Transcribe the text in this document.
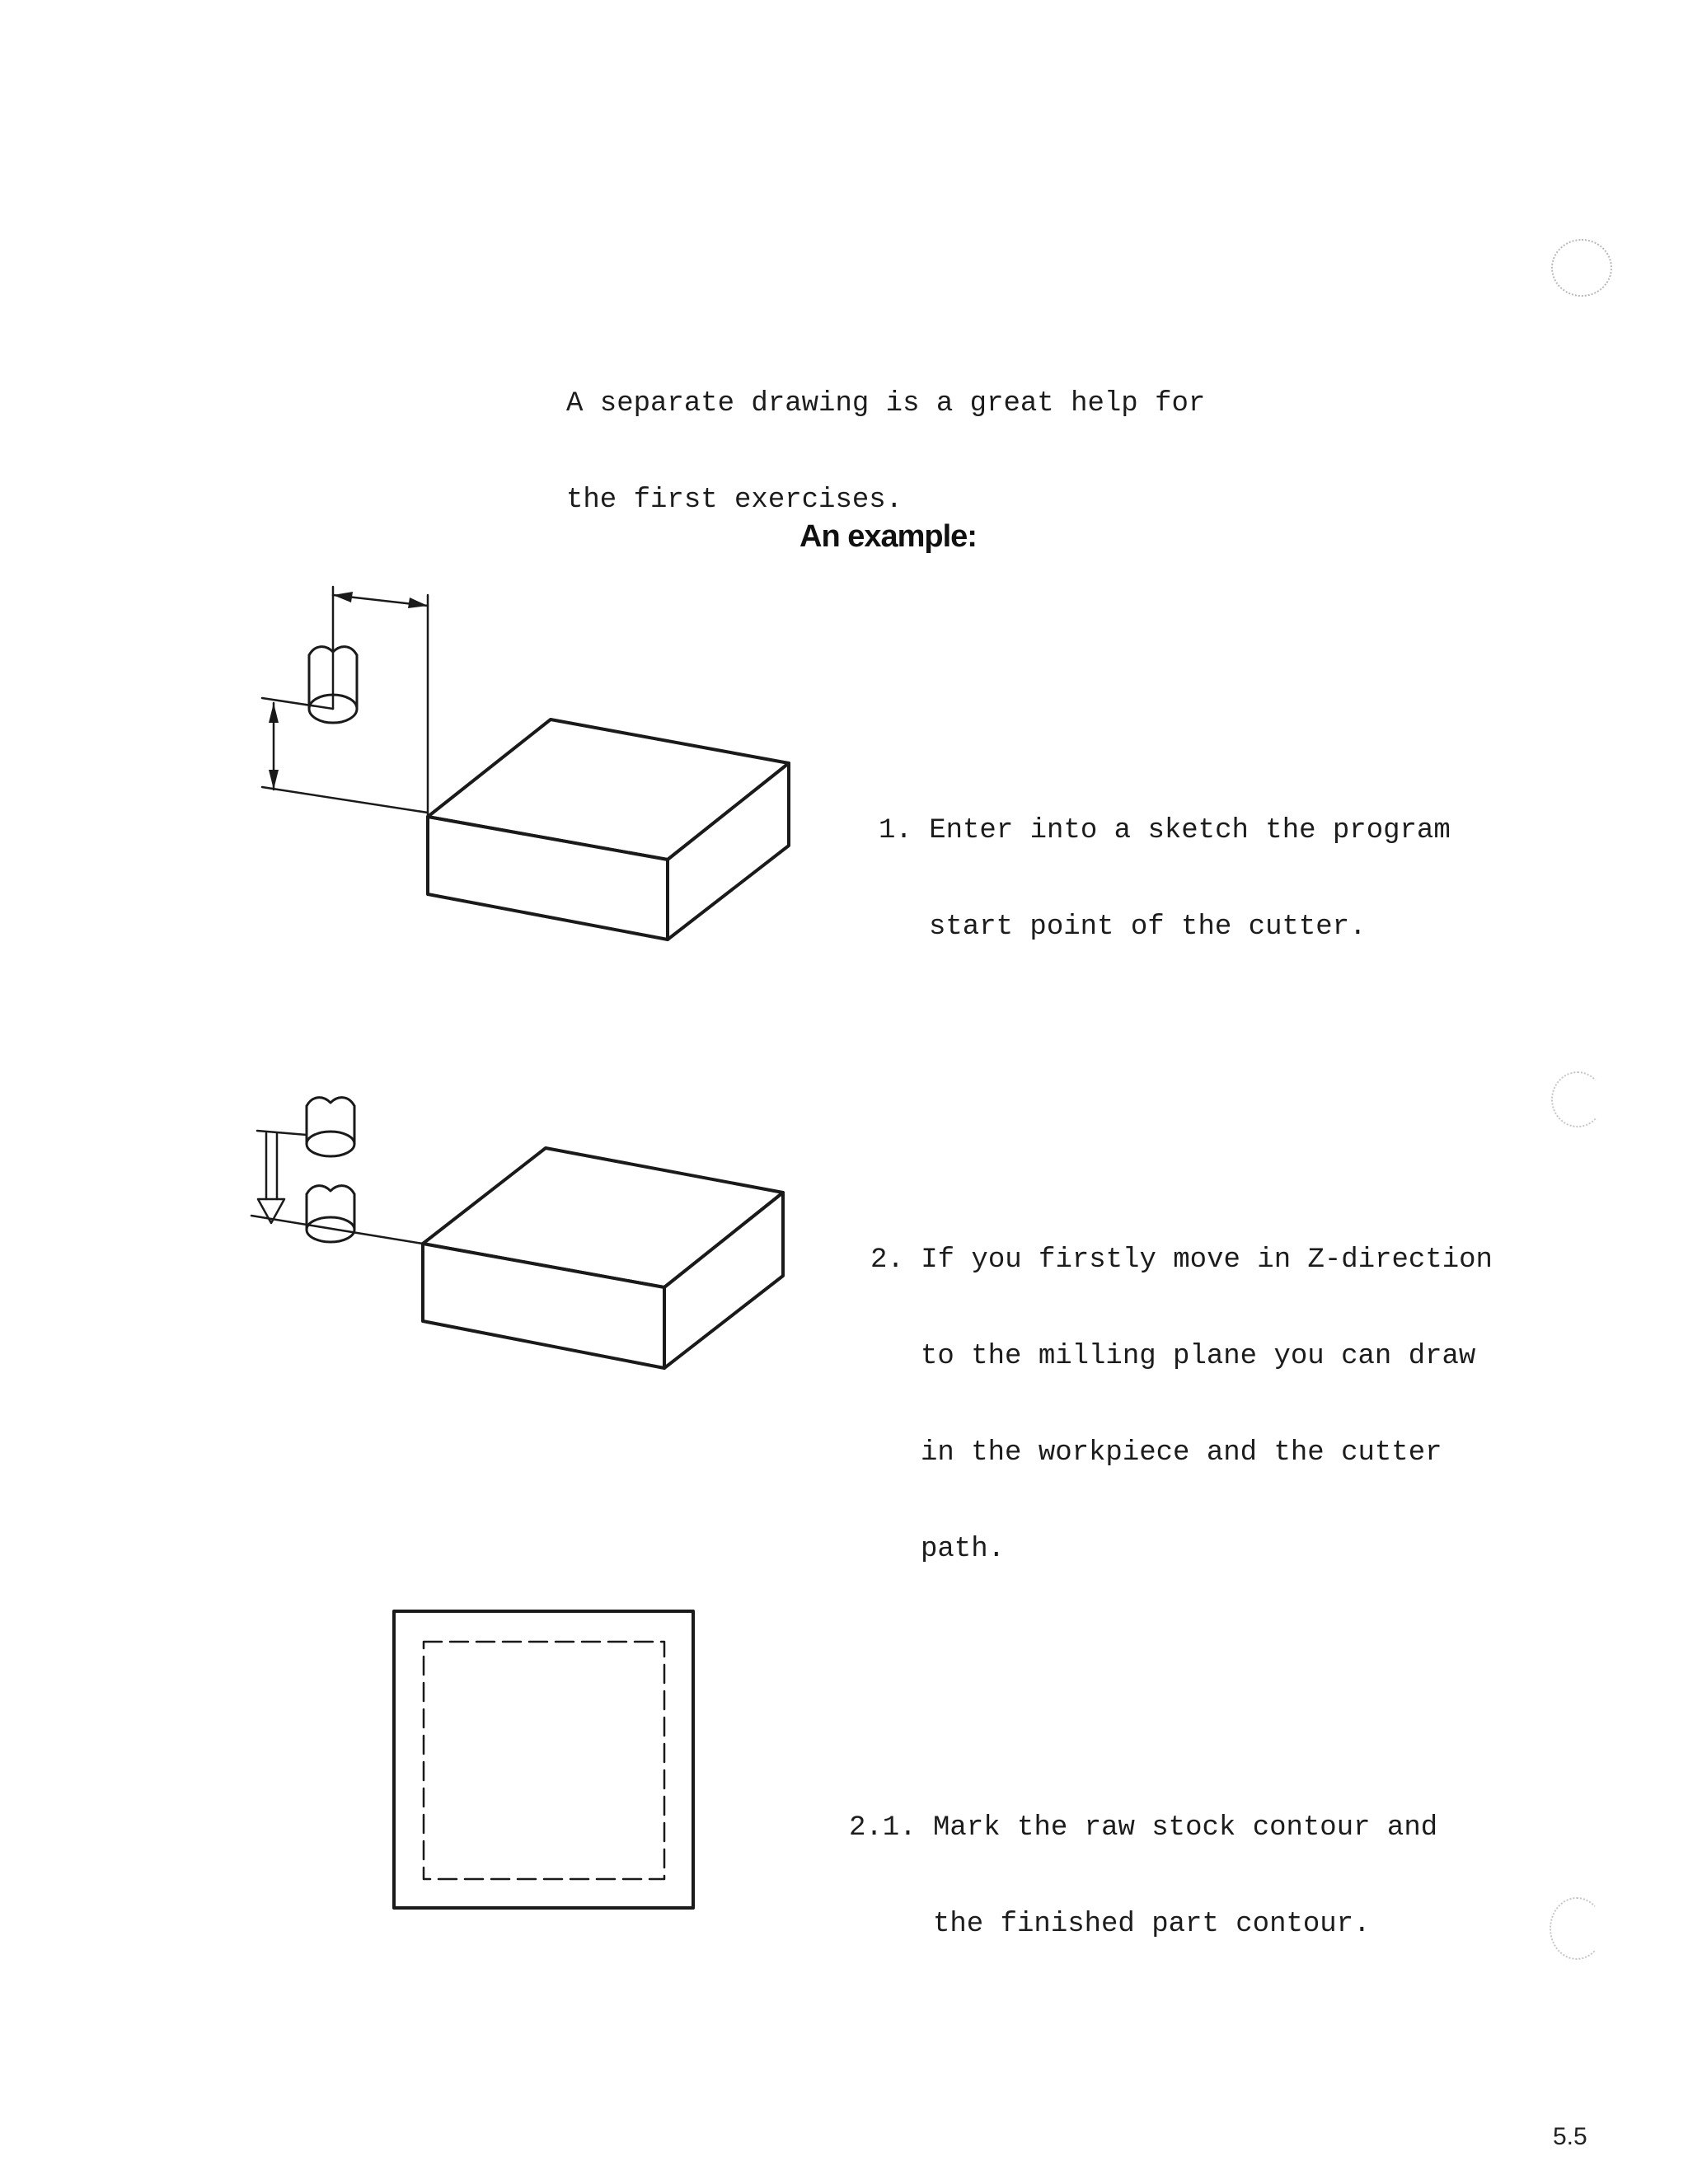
A separate drawing is a great help for

the first exercises.

An example:

1. Enter into a sketch the program

start point of the cutter.

2. If you firstly move in Z-direction

to the milling plane you can draw

in the workpiece and the cutter

path.

2.1. Mark the raw stock contour and

the finished part contour.

5.5
